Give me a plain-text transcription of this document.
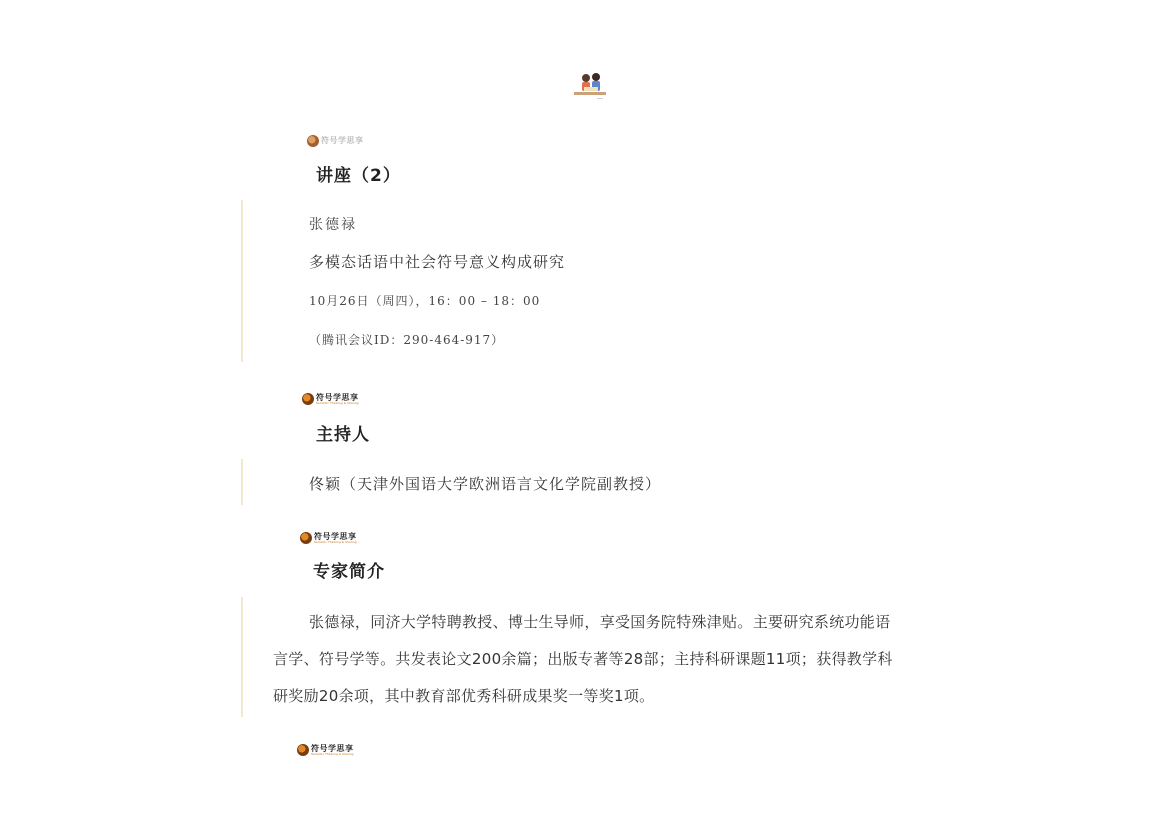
符号学思享
讲座（2）
张德禄
多模态话语中社会符号意义构成研究
10月26日（周四），16：00 – 18：00
（腾讯会议ID：290-464-917）
符号学思享
Semiotic Thinking & Sharing
主持人
佟颖（天津外国语大学欧洲语言文化学院副教授）
符号学思享
Semiotic Thinking & Sharing
专家简介

张德禄，同济大学特聘教授、博士生导师，享受国务院特殊津贴。主要研究系统功能语言学、符号学等。共发表论文200余篇；出版专著等28部；主持科研课题11项；获得教学科研奖励20余项，其中教育部优秀科研成果奖一等奖1项。

符号学思享
Semiotic Thinking & Sharing
